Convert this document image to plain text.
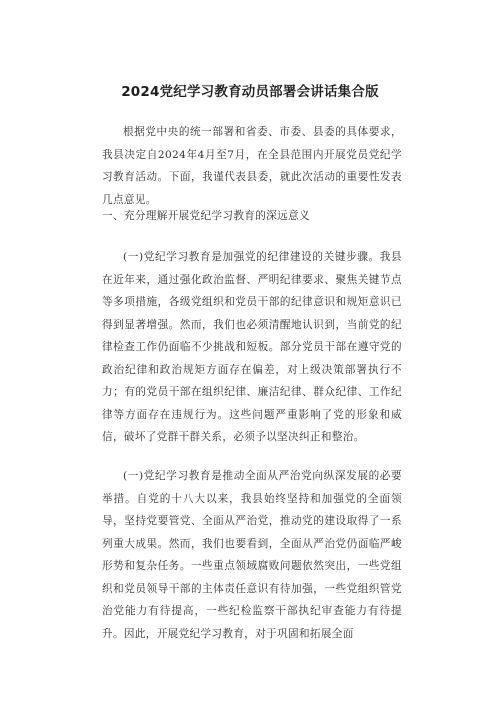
2024党纪学习教育动员部署会讲话集合版

根据党中央的统一部署和省委、市委、县委的具体要求，我县决定自2024年4月至7月，在全县范围内开展党员党纪学习教育活动。下面，我谨代表县委，就此次活动的重要性发表几点意见。

一、充分理解开展党纪学习教育的深远意义

(一)党纪学习教育是加强党的纪律建设的关键步骤。我县在近年来，通过强化政治监督、严明纪律要求、聚焦关键节点等多项措施，各级党组织和党员干部的纪律意识和规矩意识已得到显著增强。然而，我们也必须清醒地认识到，当前党的纪律检查工作仍面临不少挑战和短板。部分党员干部在遵守党的政治纪律和政治规矩方面存在偏差，对上级决策部署执行不力；有的党员干部在组织纪律、廉洁纪律、群众纪律、工作纪律等方面存在违规行为。这些问题严重影响了党的形象和威信，破坏了党群干群关系，必须予以坚决纠正和整治。

(一)党纪学习教育是推动全面从严治党向纵深发展的必要举措。自党的十八大以来，我县始终坚持和加强党的全面领导，坚持党要管党、全面从严治党，推动党的建设取得了一系列重大成果。然而，我们也要看到，全面从严治党仍面临严峻形势和复杂任务。一些重点领域腐败问题依然突出，一些党组织和党员领导干部的主体责任意识有待加强，一些党组织管党治党能力有待提高，一些纪检监察干部执纪审查能力有待提升。因此，开展党纪学习教育，对于巩固和拓展全面
